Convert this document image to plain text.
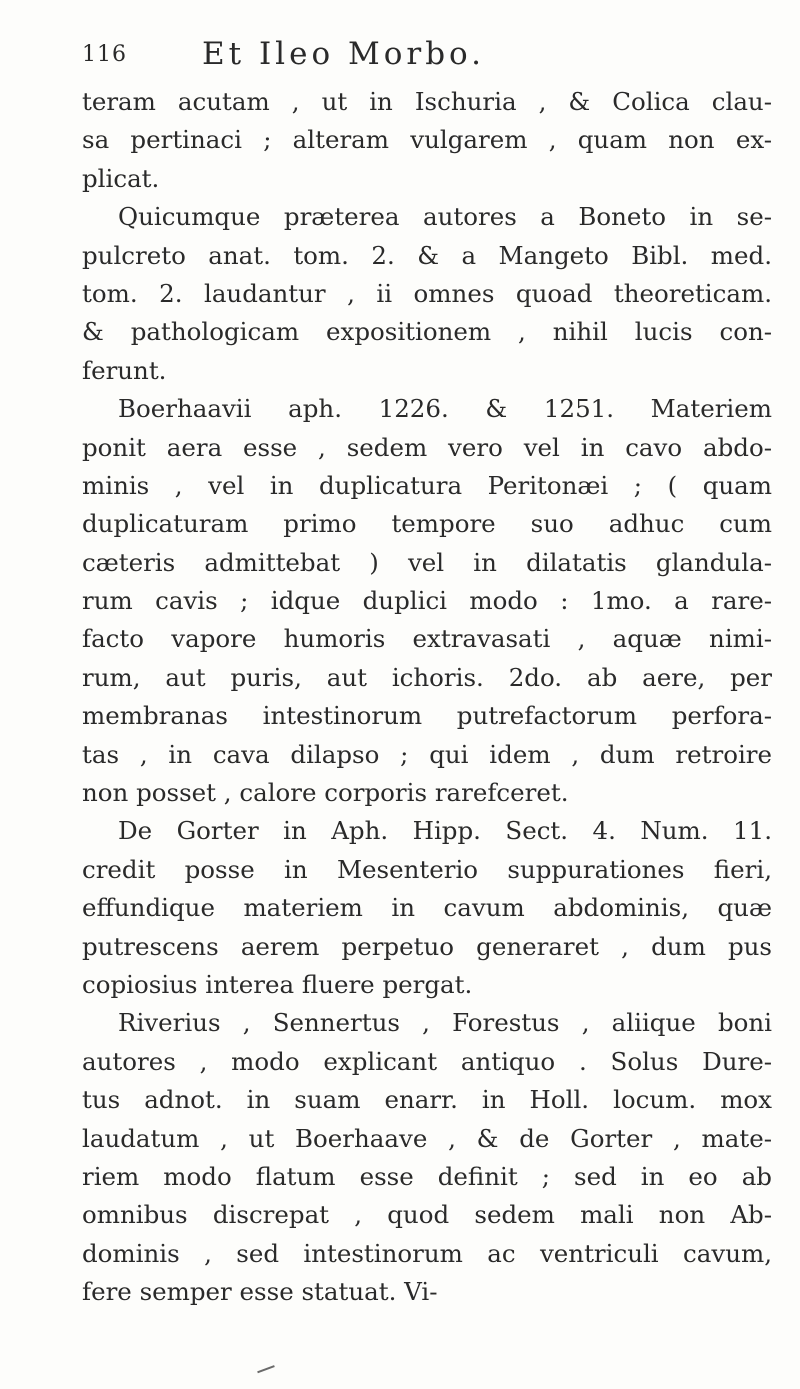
116 Et Ileo Morbo.
teram acutam , ut in Ischuria , & Colica clau-
sa pertinaci ; alteram vulgarem , quam non ex-
plicat.
Quicumque præterea autores a Boneto in se-
pulcreto anat. tom. 2. & a Mangeto Bibl. med.
tom. 2. laudantur , ii omnes quoad theoreticam.
& pathologicam expositionem , nihil lucis con-
ferunt.
Boerhaavii aph. 1226. & 1251. Materiem
ponit aera esse , sedem vero vel in cavo abdo-
minis , vel in duplicatura Peritonæi ; ( quam
duplicaturam primo tempore suo adhuc cum
cæteris admittebat ) vel in dilatatis glandula-
rum cavis ; idque duplici modo : 1mo. a rare-
facto vapore humoris extravasati , aquæ nimi-
rum, aut puris, aut ichoris. 2do. ab aere, per
membranas intestinorum putrefactorum perfora-
tas , in cava dilapso ; qui idem , dum retroire
non posset , calore corporis rarefceret.
De Gorter in Aph. Hipp. Sect. 4. Num. 11.
credit posse in Mesenterio suppurationes fieri,
effundique materiem in cavum abdominis, quæ
putrescens aerem perpetuo generaret , dum pus
copiosius interea fluere pergat.
Riverius , Sennertus , Forestus , aliique boni
autores , modo explicant antiquo . Solus Dure-
tus adnot. in suam enarr. in Holl. locum. mox
laudatum , ut Boerhaave , & de Gorter , mate-
riem modo flatum esse definit ; sed in eo ab
omnibus discrepat , quod sedem mali non Ab-
dominis , sed intestinorum ac ventriculi cavum,
fere semper esse statuat. Vi-
